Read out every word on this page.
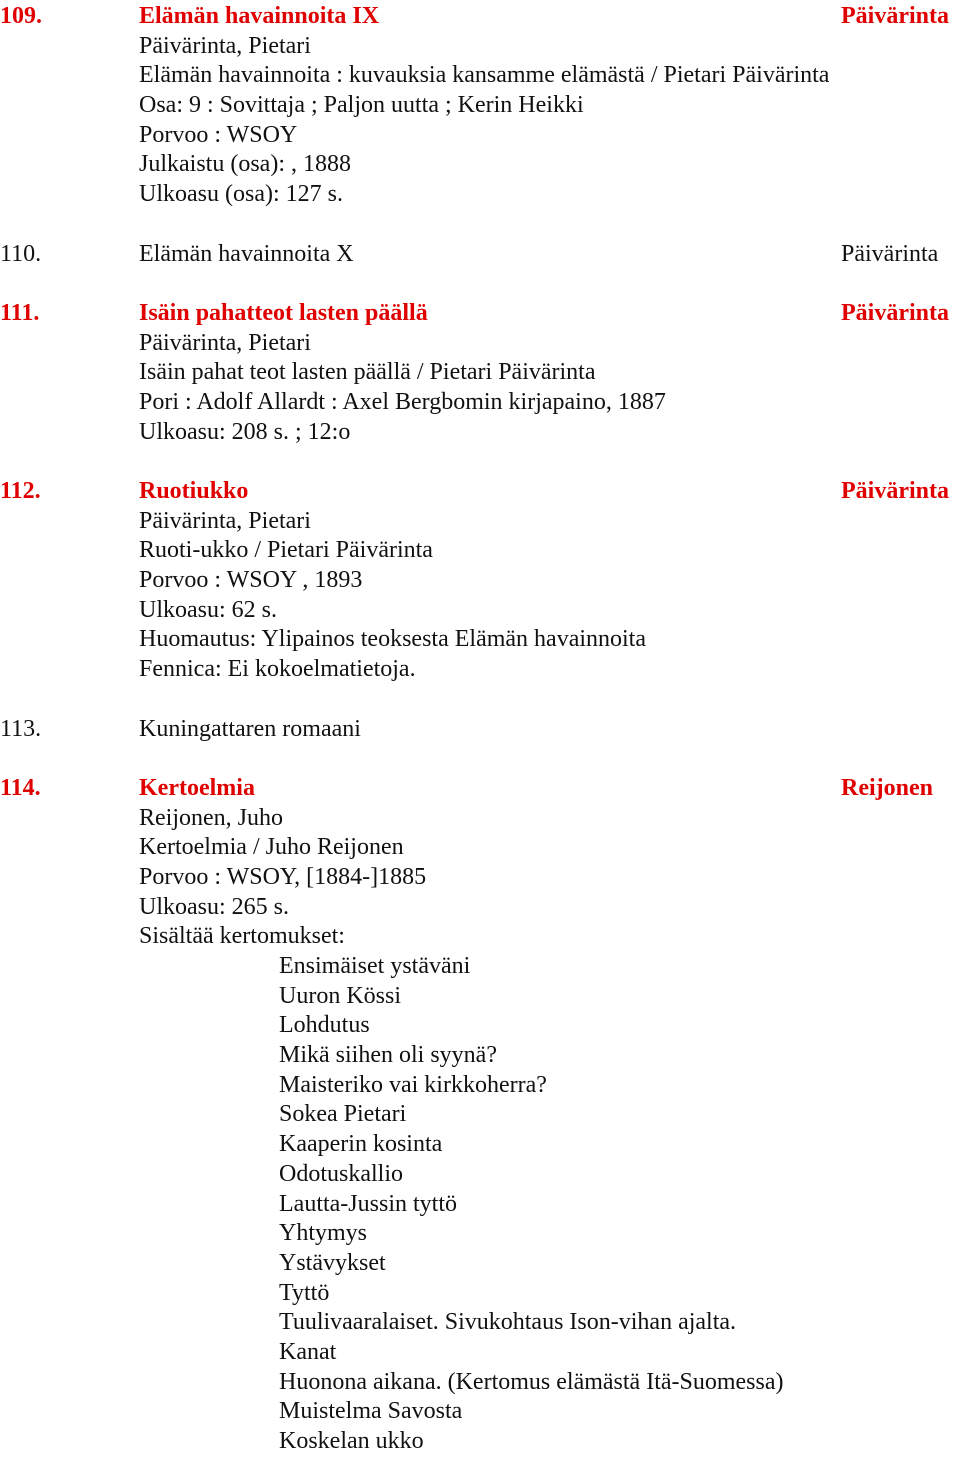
109.	Elämän havainnoita IX	Päivärinta
Päivärinta, Pietari
Elämän havainnoita : kuvauksia kansamme elämästä / Pietari Päivärinta
Osa: 9 : Sovittaja ; Paljon uutta ; Kerin Heikki
Porvoo : WSOY
Julkaistu (osa): , 1888
Ulkoasu (osa): 127 s.
110.	Elämän havainnoita X	Päivärinta
111.	Isäin pahatteot lasten päällä	Päivärinta
Päivärinta, Pietari
Isäin pahat teot lasten päällä / Pietari Päivärinta
Pori : Adolf Allardt : Axel Bergbomin kirjapaino, 1887
Ulkoasu: 208 s. ; 12:o
112.	Ruotiukko	Päivärinta
Päivärinta, Pietari
Ruoti-ukko / Pietari Päivärinta
Porvoo : WSOY , 1893
Ulkoasu: 62 s.
Huomautus: Ylipainos teoksesta Elämän havainnoita
Fennica: Ei kokoelmatietoja.
113.	Kuningattaren romaani
114.	Kertoelmia	Reijonen
Reijonen, Juho
Kertoelmia / Juho Reijonen
Porvoo : WSOY, [1884-]1885
Ulkoasu: 265 s.
Sisältää kertomukset:
Ensimäiset ystäväni
Uuron Kössi
Lohdutus
Mikä siihen oli syynä?
Maisteriko vai kirkkoherra?
Sokea Pietari
Kaaperin kosinta
Odotuskallio
Lautta-Jussin tyttö
Yhtymys
Ystävykset
Tyttö
Tuulivaaralaiset. Sivukohtaus Ison-vihan ajalta.
Kanat
Huonona aikana. (Kertomus elämästä Itä-Suomessa)
Muistelma Savosta
Koskelan ukko
